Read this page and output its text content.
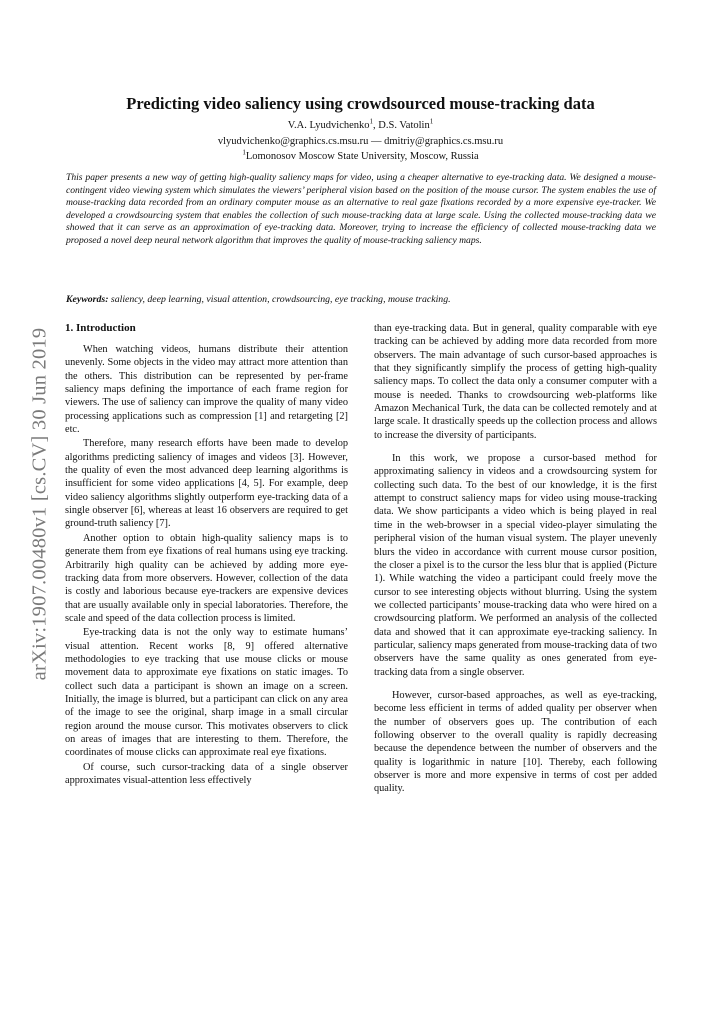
arXiv:1907.00480v1 [cs.CV] 30 Jun 2019
Predicting video saliency using crowdsourced mouse-tracking data
V.A. Lyudvichenko$^1$, D.S. Vatolin$^1$
vlyudvichenko@graphics.cs.msu.ru — dmitriy@graphics.cs.msu.ru
$^1$Lomonosov Moscow State University, Moscow, Russia

This paper presents a new way of getting high-quality saliency maps for video, using a cheaper alternative to eye-tracking data. We designed a mouse-contingent video viewing system which simulates the viewers’ peripheral vision based on the position of the mouse cursor. The system enables the use of mouse-tracking data recorded from an ordinary computer mouse as an alternative to real gaze fixations recorded by a more expensive eye-tracker. We developed a crowdsourcing system that enables the collection of such mouse-tracking data at large scale. Using the collected mouse-tracking data we showed that it can serve as an approximation of eye-tracking data. Moreover, trying to increase the efficiency of collected mouse-tracking data we proposed a novel deep neural network algorithm that improves the quality of mouse-tracking saliency maps.

Keywords: saliency, deep learning, visual attention, crowdsourcing, eye tracking, mouse tracking.

1. Introduction

When watching videos, humans distribute their attention unevenly. Some objects in the video may attract more attention than the others. This distribution can be represented by per-frame saliency maps defining the importance of each frame region for viewers. The use of saliency can improve the quality of many video processing applications such as compression [1] and retargeting [2] etc.

Therefore, many research efforts have been made to develop algorithms predicting saliency of images and videos [3]. However, the quality of even the most advanced deep learning algorithms is insufficient for some video applications [4, 5]. For example, deep video saliency algorithms slightly outperform eye-tracking data of a single observer [6], whereas at least 16 observers are required to get ground-truth saliency [7].

Another option to obtain high-quality saliency maps is to generate them from eye fixations of real humans using eye tracking. Arbitrarily high quality can be achieved by adding more eye-tracking data from more observers. However, collection of the data is costly and laborious because eye-trackers are expensive devices that are usually available only in special laboratories. Therefore, the scale and speed of the data collection process is limited.

Eye-tracking data is not the only way to estimate humans’ visual attention. Recent works [8, 9] offered alternative methodologies to eye tracking that use mouse clicks or mouse movement data to approximate eye fixations on static images. To collect such data a participant is shown an image on a screen. Initially, the image is blurred, but a participant can click on any area of the image to see the original, sharp image in a small circular region around the mouse cursor. This motivates observers to click on areas of images that are interesting to them. Therefore, the coordinates of mouse clicks can approximate real eye fixations.

Of course, such cursor-tracking data of a single observer approximates visual-attention less effectively

than eye-tracking data. But in general, quality comparable with eye tracking can be achieved by adding more data recorded from more observers. The main advantage of such cursor-based approaches is that they significantly simplify the process of getting high-quality saliency maps. To collect the data only a consumer computer with a mouse is needed. Thanks to crowdsourcing web-platforms like Amazon Mechanical Turk, the data can be collected remotely and at large scale. It drastically speeds up the collection process and allows to increase the diversity of participants.

In this work, we propose a cursor-based method for approximating saliency in videos and a crowdsourcing system for collecting such data. To the best of our knowledge, it is the first attempt to construct saliency maps for video using mouse-tracking data. We show participants a video which is being played in real time in the web-browser in a special video-player simulating the peripheral vision of the human visual system. The player unevenly blurs the video in accordance with current mouse cursor position, the closer a pixel is to the cursor the less blur that is applied (Picture 1). While watching the video a participant could freely move the cursor to see interesting objects without blurring. Using the system we collected participants’ mouse-tracking data who were hired on a crowdsourcing platform. We performed an analysis of the collected data and showed that it can approximate eye-tracking saliency. In particular, saliency maps generated from mouse-tracking data of two observers have the same quality as ones generated from eye-tracking data from a single observer.

However, cursor-based approaches, as well as eye-tracking, become less efficient in terms of added quality per observer when the number of observers goes up. The contribution of each following observer to the overall quality is rapidly decreasing because the dependence between the number of observers and the quality is logarithmic in nature [10]. Thereby, each following observer is more and more expensive in terms of cost per added quality.
